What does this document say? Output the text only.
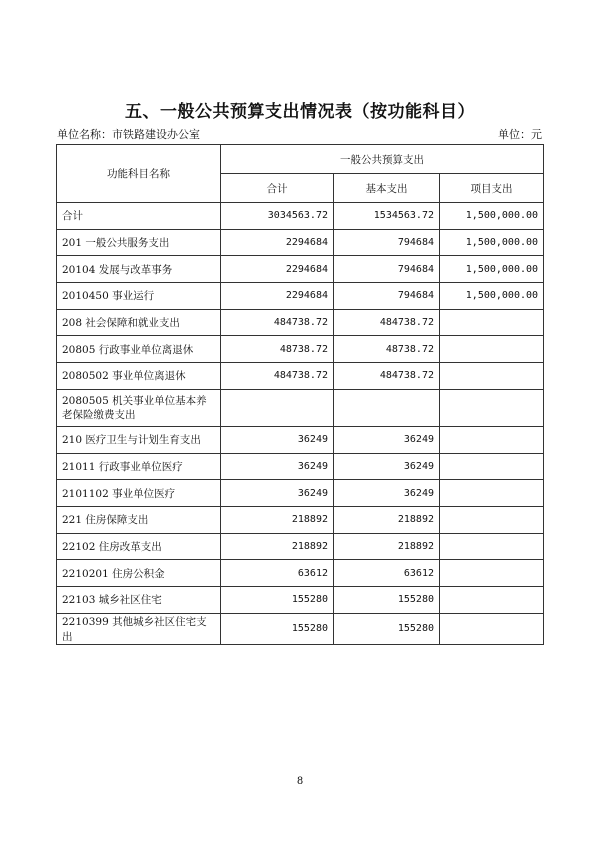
五、一般公共预算支出情况表（按功能科目）
单位名称：市铁路建设办公室	单位：元
功能科目名称	一般公共预算支出		
	合计	基本支出	项目支出
合计	3034563.72	1534563.72	1,500,000.00
201 一般公共服务支出	2294684	794684	1,500,000.00
20104 发展与改革事务	2294684	794684	1,500,000.00
2010450 事业运行	2294684	794684	1,500,000.00
208 社会保障和就业支出	484738.72	484738.72	
20805 行政事业单位离退休	48738.72	48738.72	
2080502 事业单位离退休	484738.72	484738.72	
2080505 机关事业单位基本养老保险缴费支出			
210 医疗卫生与计划生育支出	36249	36249	
21011 行政事业单位医疗	36249	36249	
2101102 事业单位医疗	36249	36249	
221 住房保障支出	218892	218892	
22102 住房改革支出	218892	218892	
2210201 住房公积金	63612	63612	
22103 城乡社区住宅	155280	155280	
2210399 其他城乡社区住宅支出	155280	155280	
8
